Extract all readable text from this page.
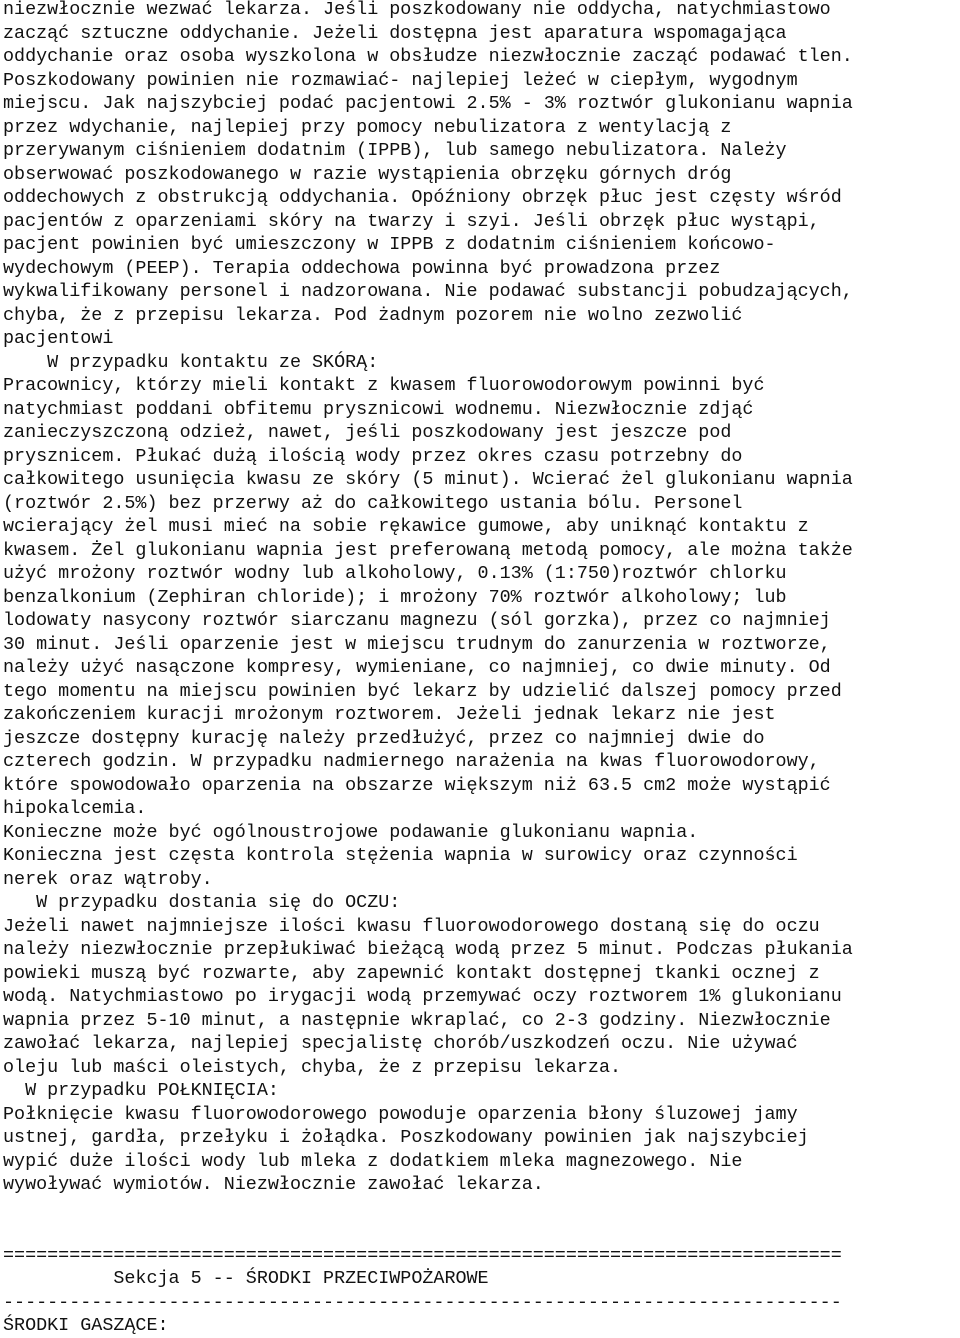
niezwłocznie wezwać lekarza. Jeśli poszkodowany nie oddycha, natychmiastowo
zacząć sztuczne oddychanie. Jeżeli dostępna jest aparatura wspomagająca
oddychanie oraz osoba wyszkolona w obsłudze niezwłocznie zacząć podawać tlen.
Poszkodowany powinien nie rozmawiać- najlepiej leżeć w ciepłym, wygodnym
miejscu. Jak najszybciej podać pacjentowi 2.5% - 3% roztwór glukonianu wapnia
przez wdychanie, najlepiej przy pomocy nebulizatora z wentylacją z
przerywanym ciśnieniem dodatnim (IPPB), lub samego nebulizatora. Należy
obserwować poszkodowanego w razie wystąpienia obrzęku górnych dróg
oddechowych z obstrukcją oddychania. Opóźniony obrzęk płuc jest częsty wśród
pacjentów z oparzeniami skóry na twarzy i szyi. Jeśli obrzęk płuc wystąpi,
pacjent powinien być umieszczony w IPPB z dodatnim ciśnieniem końcowo-
wydechowym (PEEP). Terapia oddechowa powinna być prowadzona przez
wykwalifikowany personel i nadzorowana. Nie podawać substancji pobudzających,
chyba, że z przepisu lekarza. Pod żadnym pozorem nie wolno zezwolić
pacjentowi
W przypadku kontaktu ze SKÓRĄ:
Pracownicy, którzy mieli kontakt z kwasem fluorowodorowym powinni być
natychmiast poddani obfitemu prysznicowi wodnemu. Niezwłocznie zdjąć
zanieczyszczoną odzież, nawet, jeśli poszkodowany jest jeszcze pod
prysznicem. Płukać dużą ilością wody przez okres czasu potrzebny do
całkowitego usunięcia kwasu ze skóry (5 minut). Wcierać żel glukonianu wapnia
(roztwór 2.5%) bez przerwy aż do całkowitego ustania bólu. Personel
wcierający żel musi mieć na sobie rękawice gumowe, aby uniknąć kontaktu z
kwasem. Żel glukonianu wapnia jest preferowaną metodą pomocy, ale można także
użyć mrożony roztwór wodny lub alkoholowy, 0.13% (1:750)roztwór chlorku
benzalkonium (Zephiran chloride); i mrożony 70% roztwór alkoholowy; lub
lodowaty nasycony roztwór siarczanu magnezu (sól gorzka), przez co najmniej
30 minut. Jeśli oparzenie jest w miejscu trudnym do zanurzenia w roztworze,
należy użyć nasączone kompresy, wymieniane, co najmniej, co dwie minuty. Od
tego momentu na miejscu powinien być lekarz by udzielić dalszej pomocy przed
zakończeniem kuracji mrożonym roztworem. Jeżeli jednak lekarz nie jest
jeszcze dostępny kurację należy przedłużyć, przez co najmniej dwie do
czterech godzin. W przypadku nadmiernego narażenia na kwas fluorowodorowy,
które spowodowało oparzenia na obszarze większym niż 63.5 cm2 może wystąpić
hipokalcemia.
Konieczne może być ogólnoustrojowe podawanie glukonianu wapnia.
Konieczna jest częsta kontrola stężenia wapnia w surowicy oraz czynności
nerek oraz wątroby.
W przypadku dostania się do OCZU:
Jeżeli nawet najmniejsze ilości kwasu fluorowodorowego dostaną się do oczu
należy niezwłocznie przepłukiwać bieżącą wodą przez 5 minut. Podczas płukania
powieki muszą być rozwarte, aby zapewnić kontakt dostępnej tkanki ocznej z
wodą. Natychmiastowo po irygacji wodą przemywać oczy roztworem 1% glukonianu
wapnia przez 5-10 minut, a następnie wkraplać, co 2-3 godziny. Niezwłocznie
zawołać lekarza, najlepiej specjalistę chorób/uszkodzeń oczu. Nie używać
oleju lub maści oleistych, chyba, że z przepisu lekarza.
W przypadku POŁKNIĘCIA:
Połknięcie kwasu fluorowodorowego powoduje oparzenia błony śluzowej jamy
ustnej, gardła, przełyku i żołądka. Poszkodowany powinien jak najszybciej
wypić duże ilości wody lub mleka z dodatkiem mleka magnezowego. Nie
wywoływać wymiotów. Niezwłocznie zawołać lekarza.
============================================================================
Sekcja 5 -- ŚRODKI PRZECIWPOŻAROWE
----------------------------------------------------------------------------
ŚRODKI GASZĄCE:
